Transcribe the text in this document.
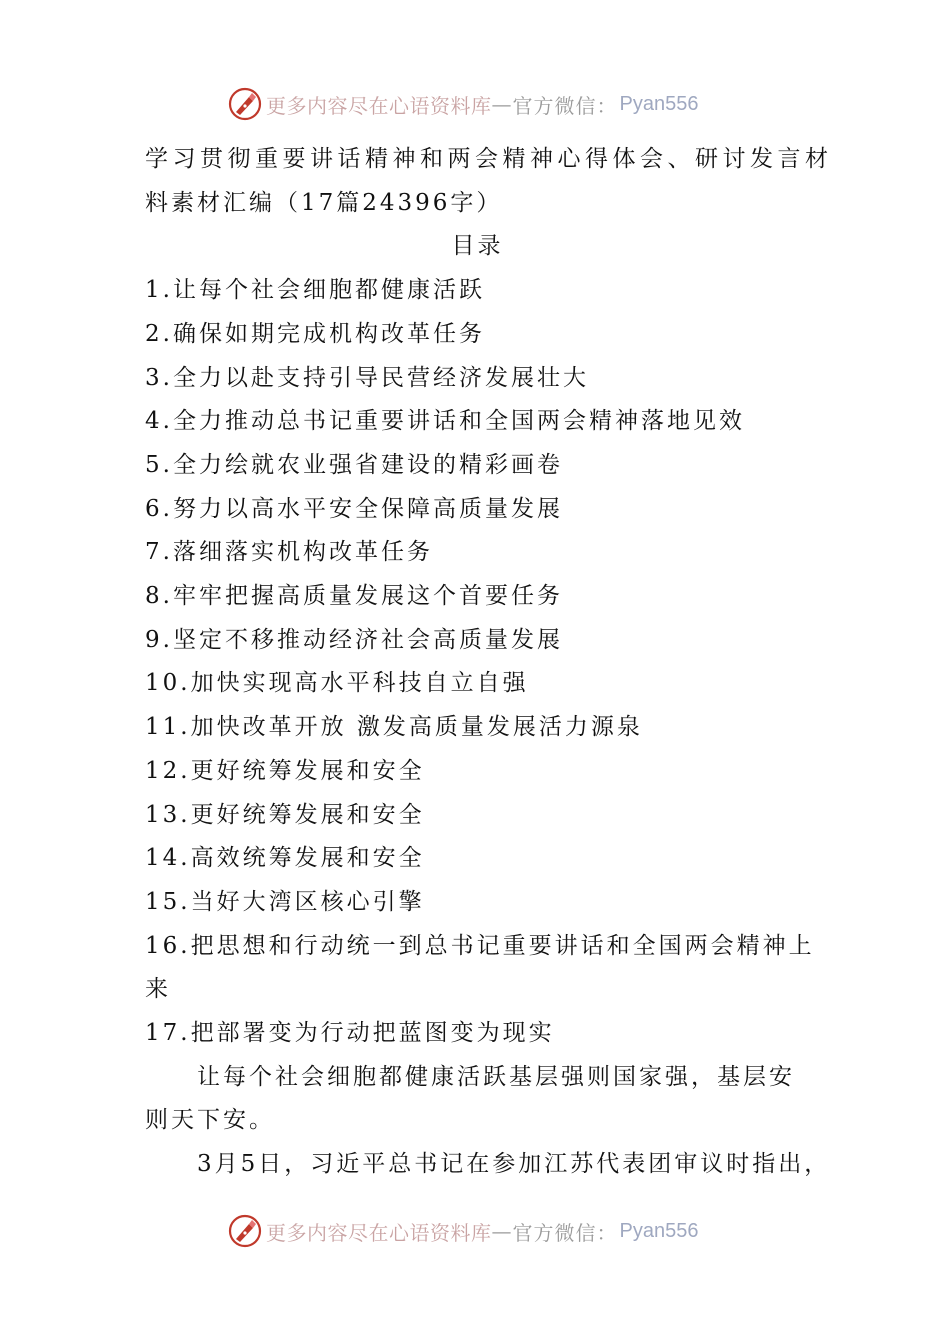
更多内容尽在心语资料库 — 官方微信： Pyan556

学习贯彻重要讲话精神和两会精神心得体会、研讨发言材

料素材汇编（17篇24396字）

目录

1.让每个社会细胞都健康活跃
2.确保如期完成机构改革任务
3.全力以赴支持引导民营经济发展壮大
4.全力推动总书记重要讲话和全国两会精神落地见效
5.全力绘就农业强省建设的精彩画卷
6.努力以高水平安全保障高质量发展
7.落细落实机构改革任务
8.牢牢把握高质量发展这个首要任务
9.坚定不移推动经济社会高质量发展
10.加快实现高水平科技自立自强
11.加快改革开放 激发高质量发展活力源泉
12.更好统筹发展和安全
13.更好统筹发展和安全
14.高效统筹发展和安全
15.当好大湾区核心引擎
16.把思想和行动统一到总书记重要讲话和全国两会精神上
来
17.把部署变为行动把蓝图变为现实

让每个社会细胞都健康活跃基层强则国家强，基层安

则天下安。

3月5日，习近平总书记在参加江苏代表团审议时指出，

更多内容尽在心语资料库 — 官方微信： Pyan556
